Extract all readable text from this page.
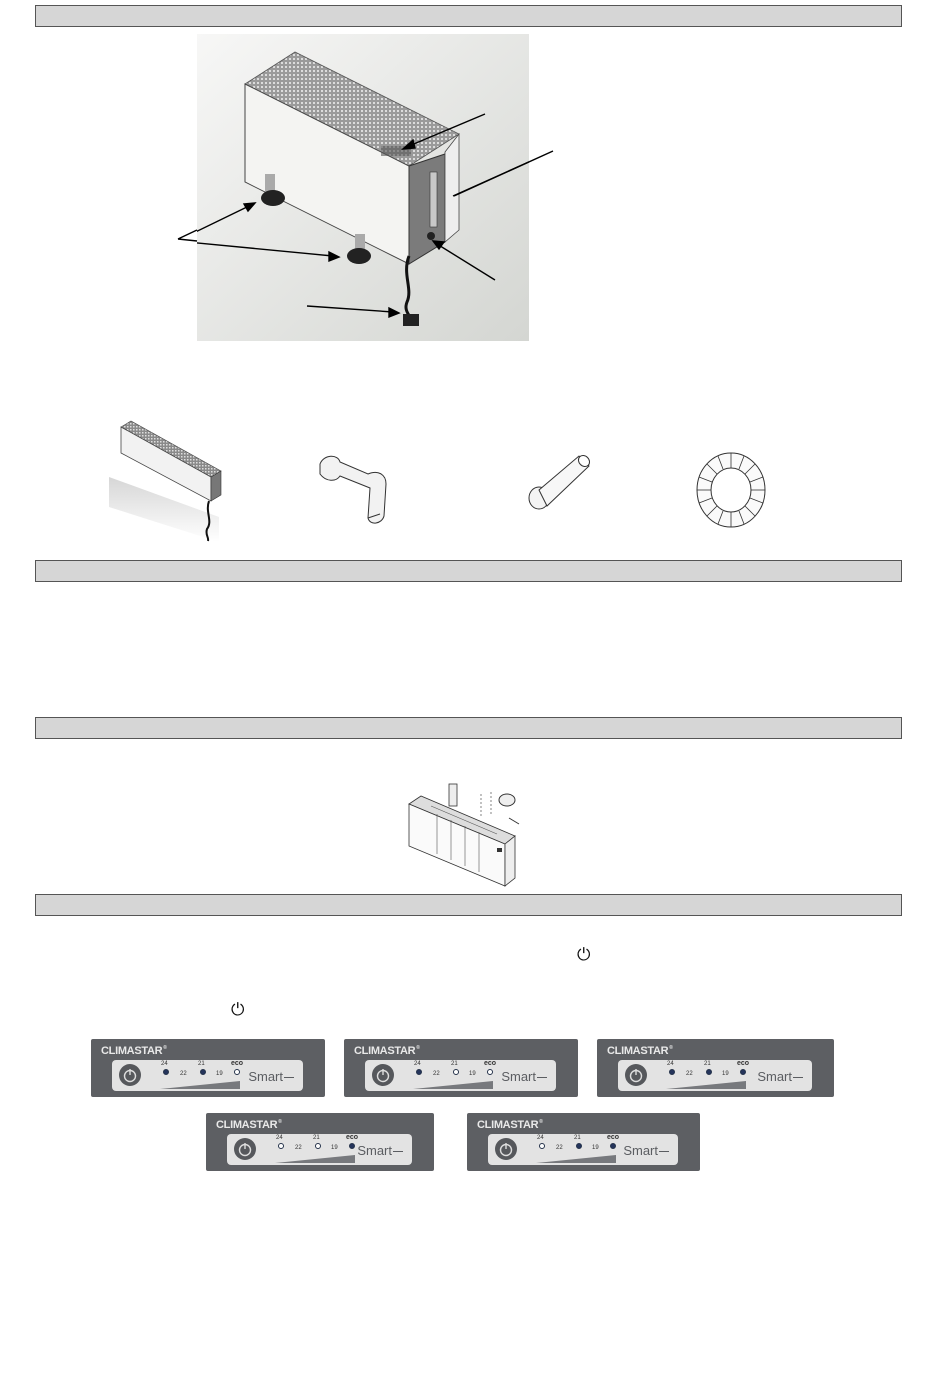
⏻
⏻
CLIMASTAR®
24
22
21
19
eco
Smart
CLIMASTAR®
24
22
21
19
eco
Smart
CLIMASTAR®
24
22
21
19
eco
Smart
CLIMASTAR®
24
22
21
19
eco
Smart
CLIMASTAR®
24
22
21
19
eco
Smart
